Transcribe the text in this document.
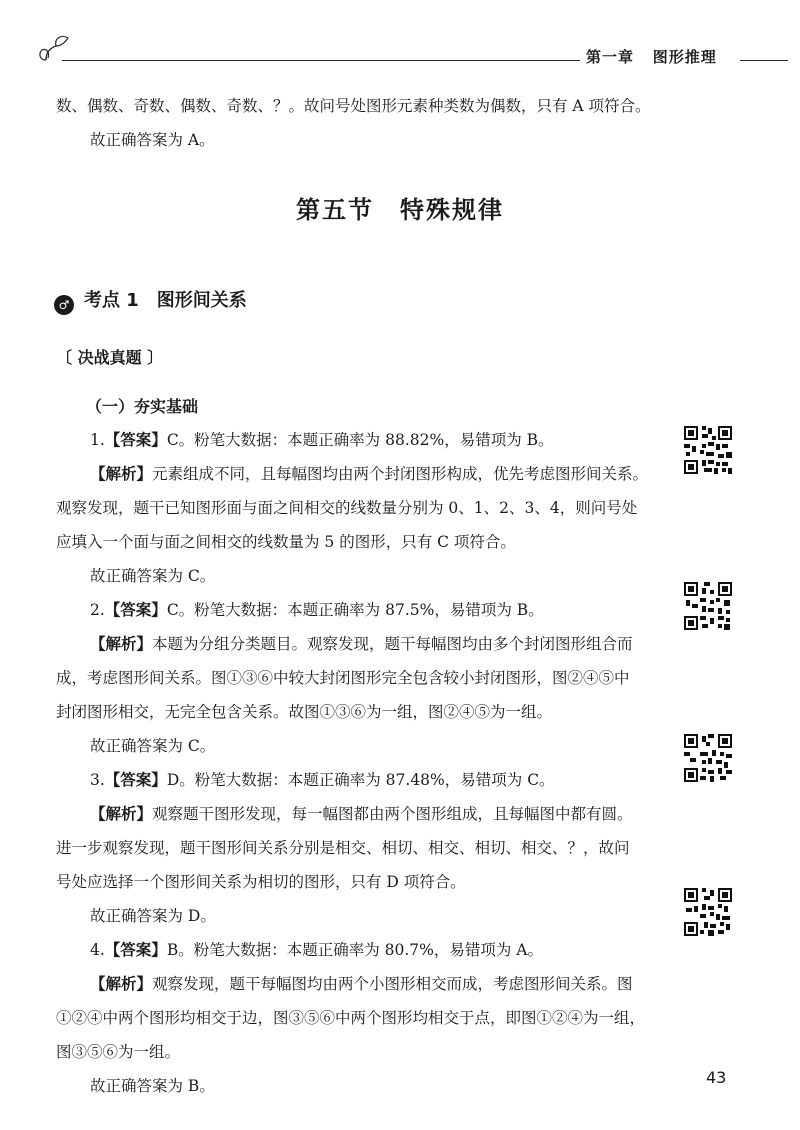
第一章 图形推理
数、偶数、奇数、偶数、奇数、？。故问号处图形元素种类数为偶数，只有 A 项符合。
故正确答案为 A。
第五节　特殊规律
♂ 考点 1　图形间关系
〔 决战真题 〕
（一）夯实基础
1.【答案】C。粉笔大数据：本题正确率为 88.82%，易错项为 B。
【解析】元素组成不同，且每幅图均由两个封闭图形构成，优先考虑图形间关系。
观察发现，题干已知图形面与面之间相交的线数量分别为 0、1、2、3、4，则问号处
应填入一个面与面之间相交的线数量为 5 的图形，只有 C 项符合。
故正确答案为 C。
2.【答案】C。粉笔大数据：本题正确率为 87.5%，易错项为 B。
【解析】本题为分组分类题目。观察发现，题干每幅图均由多个封闭图形组合而
成，考虑图形间关系。图①③⑥中较大封闭图形完全包含较小封闭图形，图②④⑤中
封闭图形相交，无完全包含关系。故图①③⑥为一组，图②④⑤为一组。
故正确答案为 C。
3.【答案】D。粉笔大数据：本题正确率为 87.48%，易错项为 C。
【解析】观察题干图形发现，每一幅图都由两个图形组成，且每幅图中都有圆。
进一步观察发现，题干图形间关系分别是相交、相切、相交、相切、相交、？，故问
号处应选择一个图形间关系为相切的图形，只有 D 项符合。
故正确答案为 D。
4.【答案】B。粉笔大数据：本题正确率为 80.7%，易错项为 A。
【解析】观察发现，题干每幅图均由两个小图形相交而成，考虑图形间关系。图
①②④中两个图形均相交于边，图③⑤⑥中两个图形均相交于点，即图①②④为一组，
图③⑤⑥为一组。
故正确答案为 B。	43
